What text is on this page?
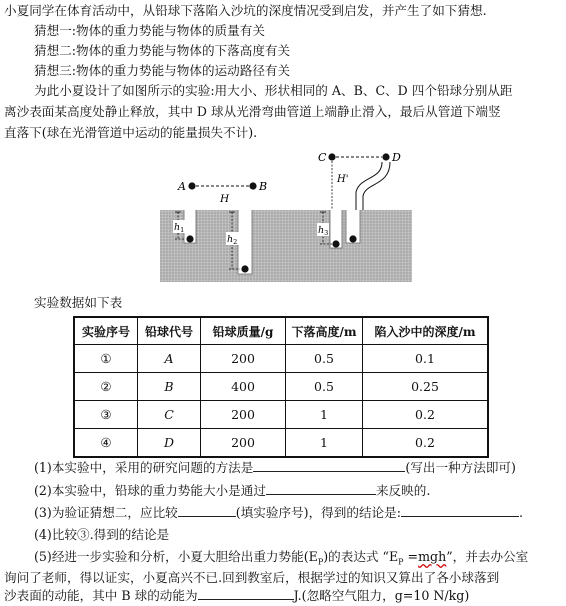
小夏同学在体育活动中，从铅球下落陷入沙坑的深度情况受到启发，并产生了如下猜想.
猜想一:物体的重力势能与物体的质量有关
猜想二:物体的重力势能与物体的下落高度有关
猜想三:物体的重力势能与物体的运动路径有关
为此小夏设计了如图所示的实验:用大小、形状相同的 A、B、C、D 四个铅球分别从距
离沙表面某高度处静止释放，其中 D 球从光滑弯曲管道上端静止滑入，最后从管道下端竖
直落下(球在光滑管道中运动的能量损失不计).
A	B
H
$h_1$
$h_2$
C	D
H'
$h_3$
实验数据如下表
实验序号	铅球代号	铅球质量/g	下落高度/m	陷入沙中的深度/m
①	A	200	0.5	0.1
②	B	400	0.5	0.25
③	C	200	1	0.2
④	D	200	1	0.2
(1)本实验中，采用的研究问题的方法是	(写出一种方法即可)
(2)本实验中，铅球的重力势能大小是通过	来反映的.
(3)为验证猜想二，应比较	(填实验序号)，得到的结论是:	.
(4)比较③.得到的结论是
(5)经进一步实验和分析，小夏大胆给出重力势能$(E_P)$的表达式 “$E_P =mgh$”，并去办公室
询问了老师，得以证实，小夏高兴不已.回到教室后，根据学过的知识又算出了各小球落到
沙表面的动能，其中 B 球的动能为	J.(忽略空气阻力，g=10 N/kg)
